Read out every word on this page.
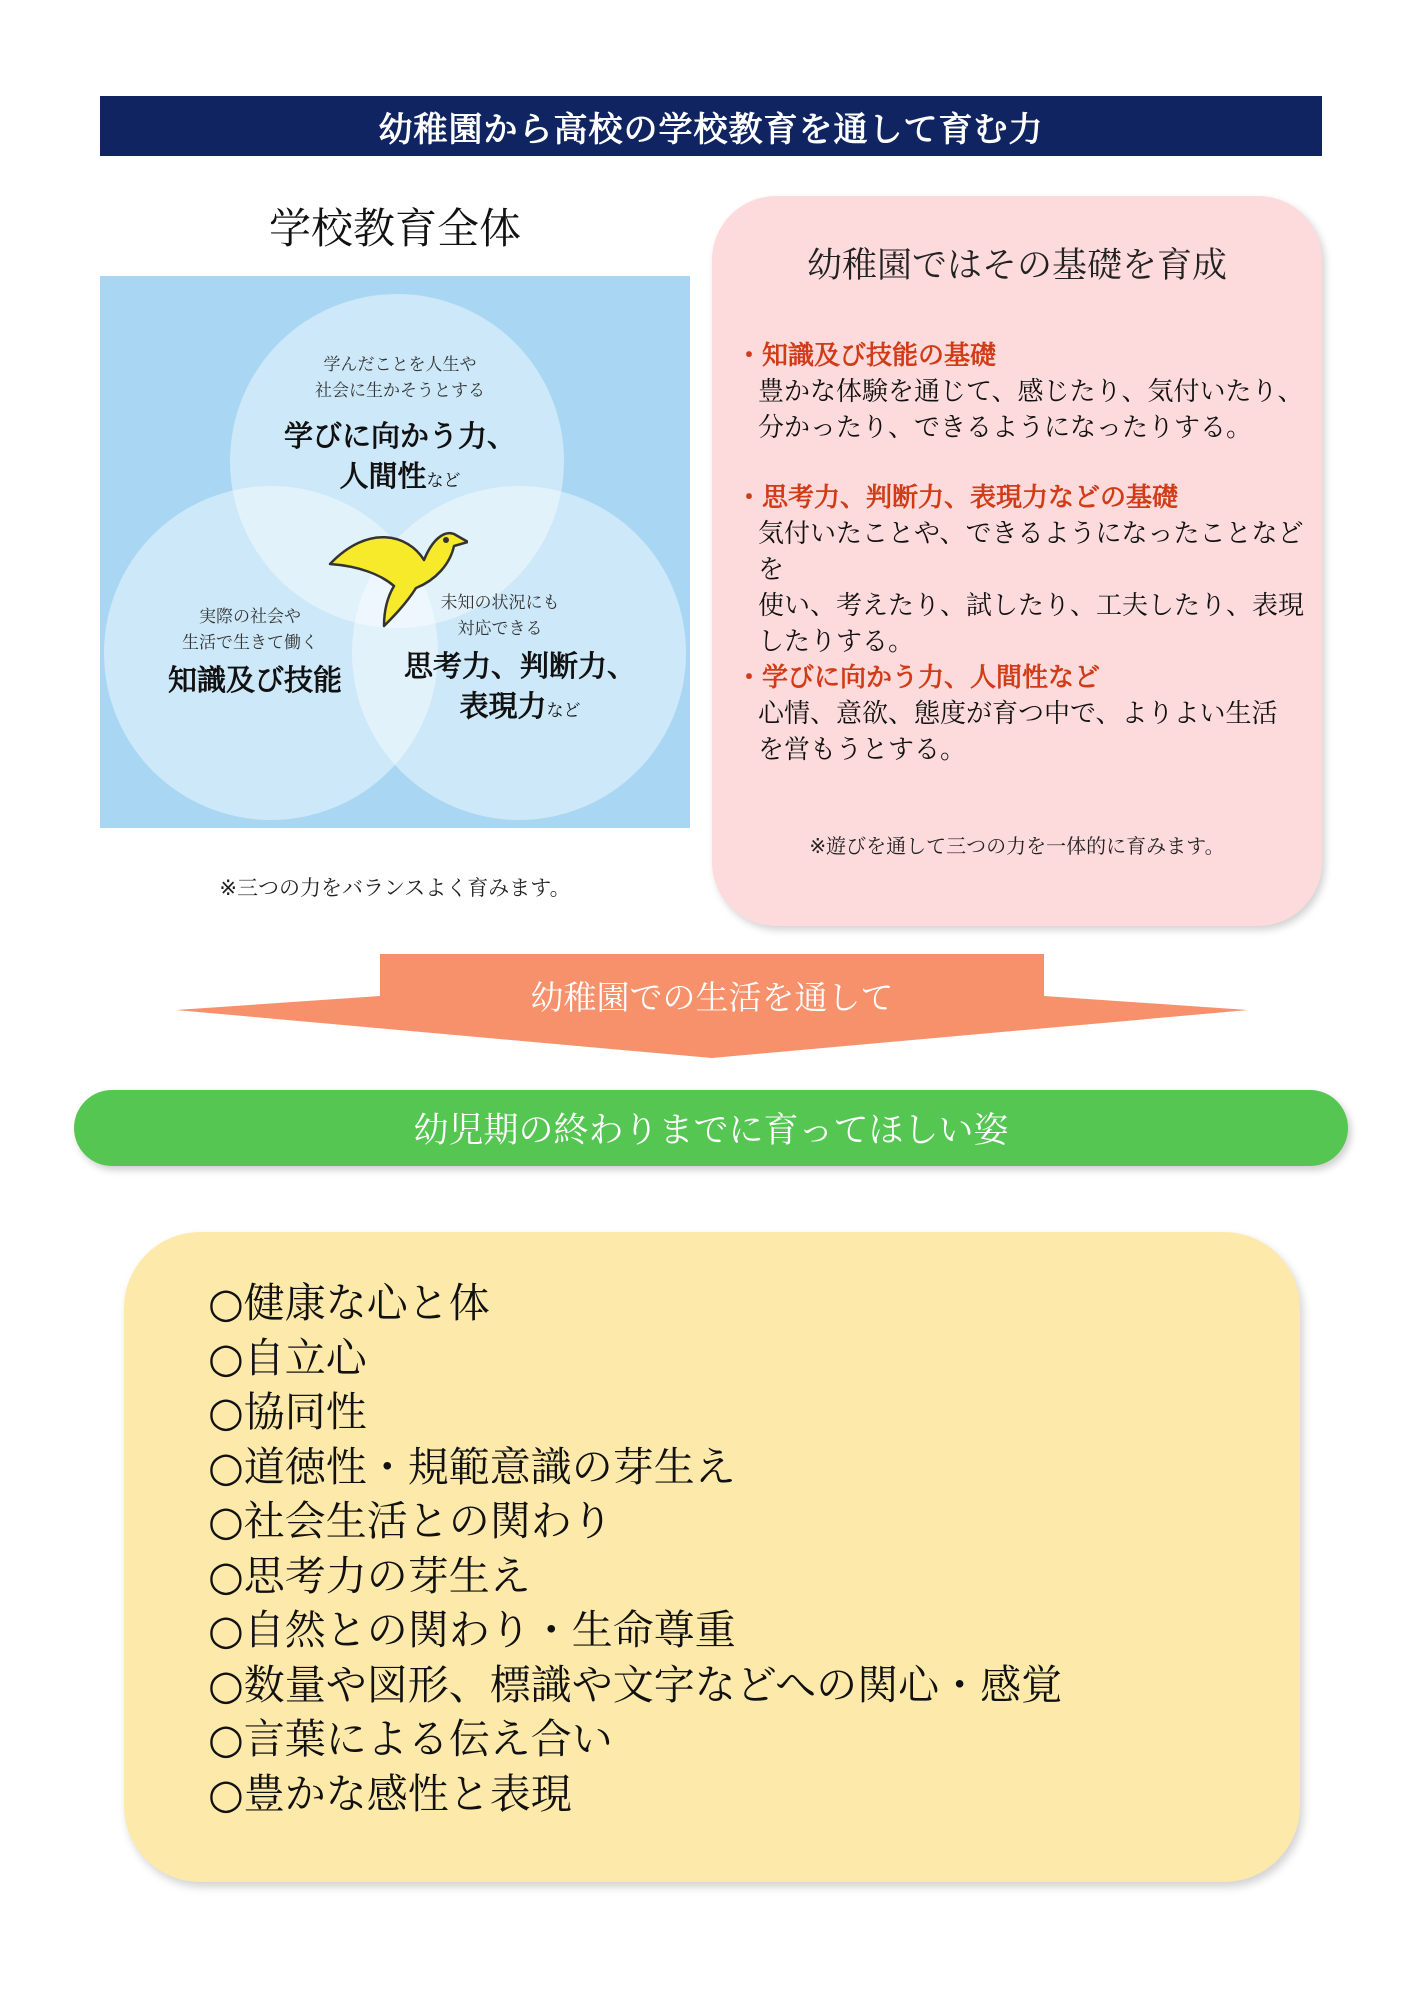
幼稚園から高校の学校教育を通して育む力
学校教育全体
学んだことを人生や
社会に生かそうとする
学びに向かう力、
人間性など
実際の社会や
生活で生きて働く
知識及び技能
未知の状況にも
対応できる
思考力、判断力、
表現力など
※三つの力をバランスよく育みます。
幼稚園ではその基礎を育成
・知識及び技能の基礎
豊かな体験を通じて、感じたり、気付いたり、
分かったり、できるようになったりする。
・思考力、判断力、表現力などの基礎
気付いたことや、できるようになったことなどを
使い、考えたり、試したり、工夫したり、表現
したりする。
・学びに向かう力、人間性など
心情、意欲、態度が育つ中で、よりよい生活
を営もうとする。
※遊びを通して三つの力を一体的に育みます。
幼稚園での生活を通して
幼児期の終わりまでに育ってほしい姿
○健康な心と体
○自立心
○協同性
○道徳性・規範意識の芽生え
○社会生活との関わり
○思考力の芽生え
○自然との関わり・生命尊重
○数量や図形、標識や文字などへの関心・感覚
○言葉による伝え合い
○豊かな感性と表現
